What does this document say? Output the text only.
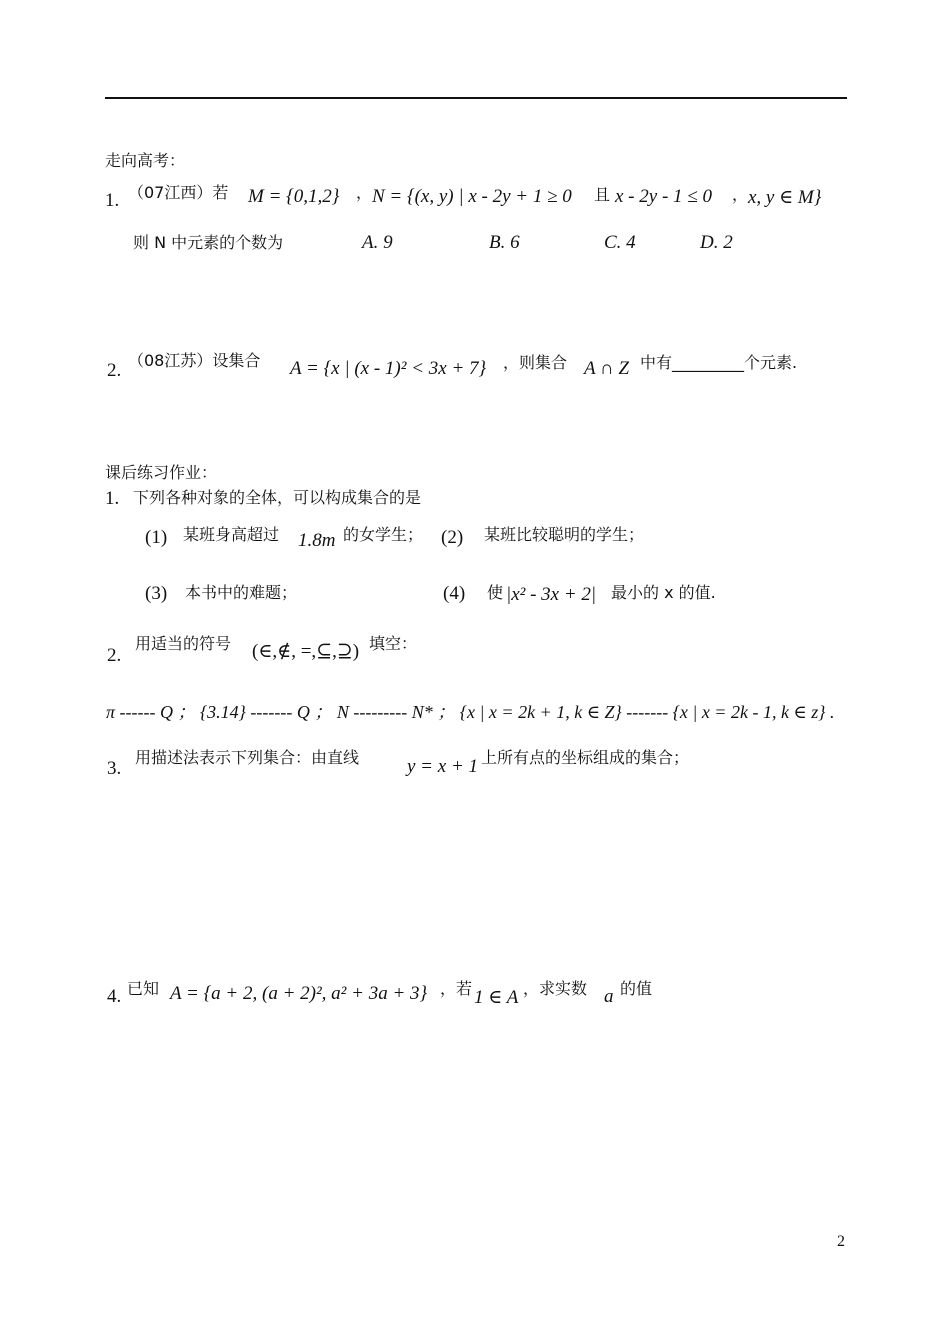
走向高考：
1. （07江西）若 M = {0,1,2} ， N = {(x, y) | x - 2y + 1 ≥ 0 且 x - 2y - 1 ≤ 0 ， x, y ∈ M}
则 N 中元素的个数为	A. 9	B. 6	C. 4	D. 2
2. （08江苏）设集合 A = {x | (x - 1)² < 3x + 7} ，则集合 A ∩ Z 中有_________个元素.
课后练习作业：
1. 下列各种对象的全体，可以构成集合的是
(1) 某班身高超过 1.8m 的女学生； (2) 某班比较聪明的学生；
(3) 本书中的难题；	(4) 使 |x² - 3x + 2| 最小的 x 的值.
2.
用适当的符号 (∈,∉, =,⊆,⊇) 填空：
π ------ Q ； {3.14} ------- Q ； N --------- N* ； {x | x = 2k + 1, k ∈ Z} ------- {x | x = 2k - 1, k ∈ z} .
3.
用描述法表示下列集合：由直线	y = x + 1 上所有点的坐标组成的集合；
4. 已知 A = {a + 2, (a + 2)², a² + 3a + 3} ，若 1 ∈ A ，求实数 a 的值
2
